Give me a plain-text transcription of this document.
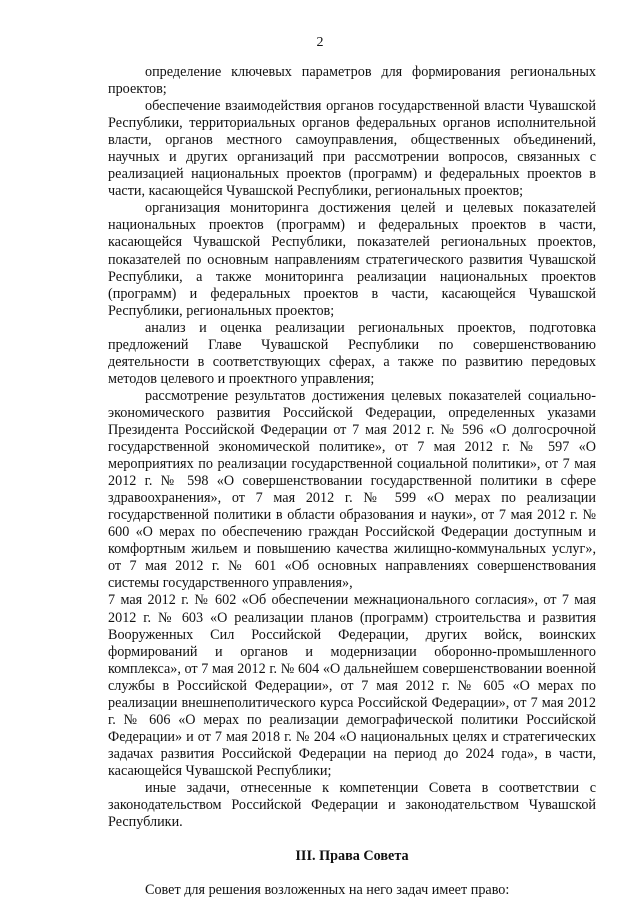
2

определение ключевых параметров для формирования региональных проектов;

обеспечение взаимодействия органов государственной власти Чувашской Республики, территориальных органов федеральных органов исполнительной власти, органов местного самоуправления, общественных объединений, научных и других организаций при рассмотрении вопросов, связанных с реализацией национальных проектов (программ) и федеральных проектов в части, касающейся Чувашской Республики, региональных проектов;

организация мониторинга достижения целей и целевых показателей национальных проектов (программ) и федеральных проектов в части, касающейся Чувашской Республики, показателей региональных проектов, показателей по основным направлениям стратегического развития Чувашской Республики, а также мониторинга реализации национальных проектов (программ) и федеральных проектов в части, касающейся Чувашской Республики, региональных проектов;

анализ и оценка реализации региональных проектов, подготовка предложений Главе Чувашской Республики по совершенствованию деятельности в соответствующих сферах, а также по развитию передовых методов целевого и проектного управления;

рассмотрение результатов достижения целевых показателей социально-экономического развития Российской Федерации, определенных указами Президента Российской Федерации от 7 мая 2012 г. № 596 «О долгосрочной государственной экономической политике», от 7 мая 2012 г. № 597 «О мероприятиях по реализации государственной социальной политики», от 7 мая 2012 г. № 598 «О совершенствовании государственной политики в сфере здравоохранения», от 7 мая 2012 г. № 599 «О мерах по реализации государственной политики в области образования и науки», от 7 мая 2012 г. № 600 «О мерах по обеспечению граждан Российской Федерации доступным и комфортным жильем и повышению качества жилищно-коммунальных услуг», от 7 мая 2012 г. № 601 «Об основных направлениях совершенствования системы государственного управления»,

7 мая 2012 г. № 602 «Об обеспечении межнационального согласия», от 7 мая 2012 г. № 603 «О реализации планов (программ) строительства и развития Вооруженных Сил Российской Федерации, других войск, воинских формирований и органов и модернизации оборонно-промышленного комплекса», от 7 мая 2012 г. № 604 «О дальнейшем совершенствовании военной службы в Российской Федерации», от 7 мая 2012 г. № 605 «О мерах по реализации внешнеполитического курса Российской Федерации», от 7 мая 2012 г. № 606 «О мерах по реализации демографической политики Российской Федерации» и от 7 мая 2018 г. № 204 «О национальных целях и стратегических задачах развития Российской Федерации на период до 2024 года», в части, касающейся Чувашской Республики;

иные задачи, отнесенные к компетенции Совета в соответствии с законодательством Российской Федерации и законодательством Чувашской Республики.

III. Права Совета

Совет для решения возложенных на него задач имеет право:
